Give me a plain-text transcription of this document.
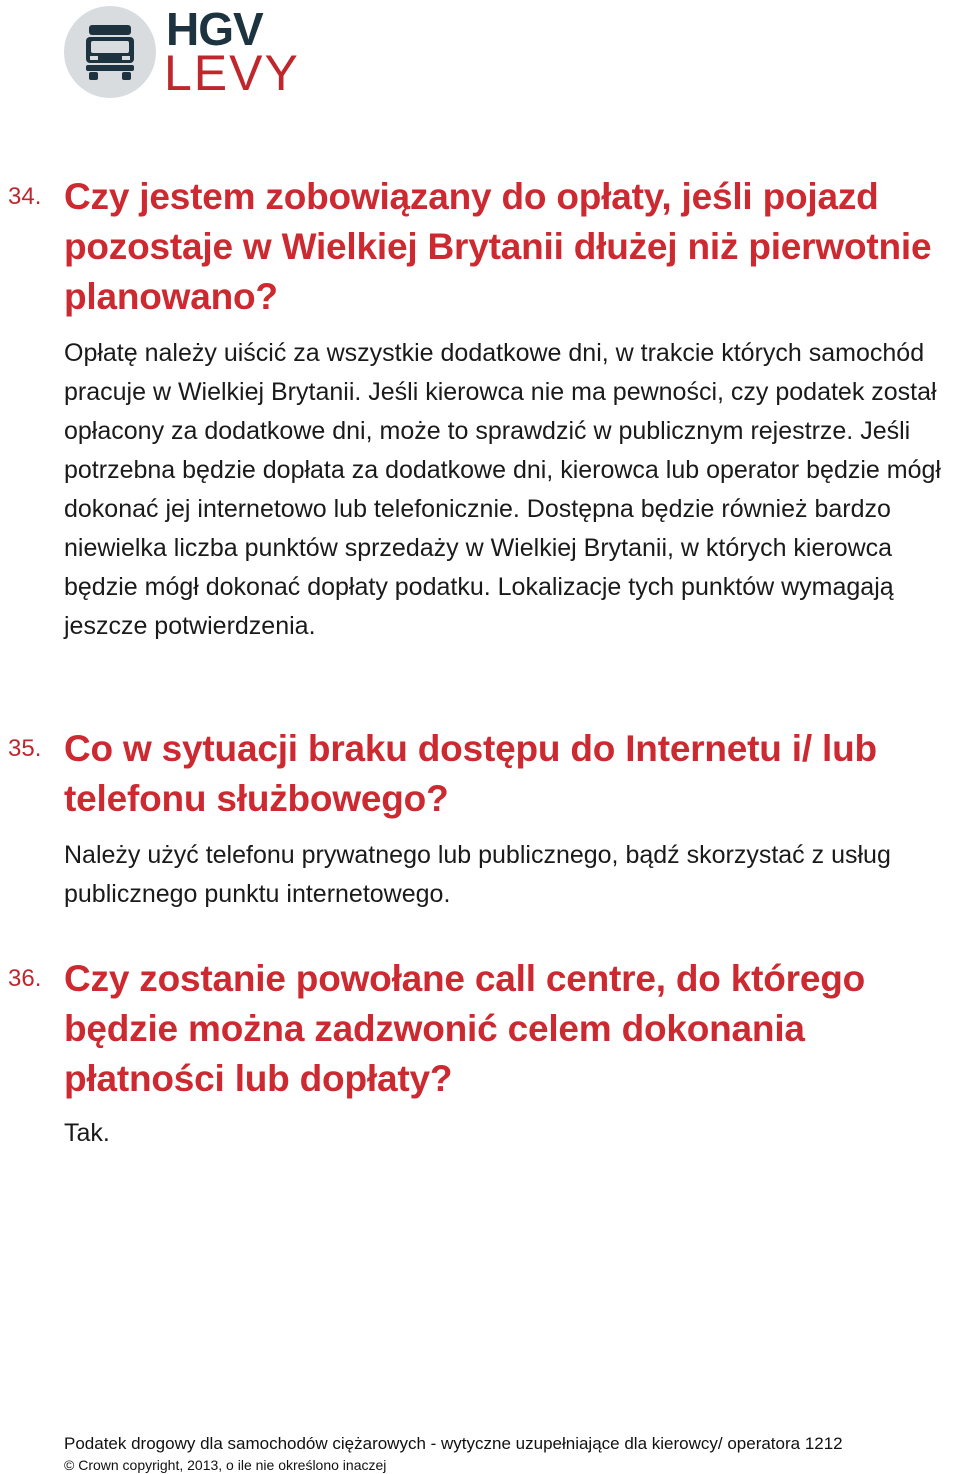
HGV
LEVY
34. Czy jestem zobowiązany do opłaty, jeśli pojazd pozostaje w Wielkiej Brytanii dłużej niż pierwotnie planowano?

Opłatę należy uiścić za wszystkie dodatkowe dni, w trakcie których samochód pracuje w Wielkiej Brytanii. Jeśli kierowca nie ma pewności, czy podatek został opłacony za dodatkowe dni, może to sprawdzić w publicznym rejestrze. Jeśli potrzebna będzie dopłata za dodatkowe dni, kierowca lub operator będzie mógł dokonać jej internetowo lub telefonicznie. Dostępna będzie również bardzo niewielka liczba punktów sprzedaży w Wielkiej Brytanii, w których kierowca będzie mógł dokonać dopłaty podatku. Lokalizacje tych punktów wymagają jeszcze potwierdzenia.

35. Co w sytuacji braku dostępu do Internetu i/ lub telefonu służbowego?

Należy użyć telefonu prywatnego lub publicznego, bądź skorzystać z usług publicznego punktu internetowego.

36. Czy zostanie powołane call centre, do którego będzie można zadzwonić celem dokonania płatności lub dopłaty?

Tak.

Podatek drogowy dla samochodów ciężarowych - wytyczne uzupełniające dla kierowcy/ operatora 1212
© Crown copyright, 2013, o ile nie określono inaczej
